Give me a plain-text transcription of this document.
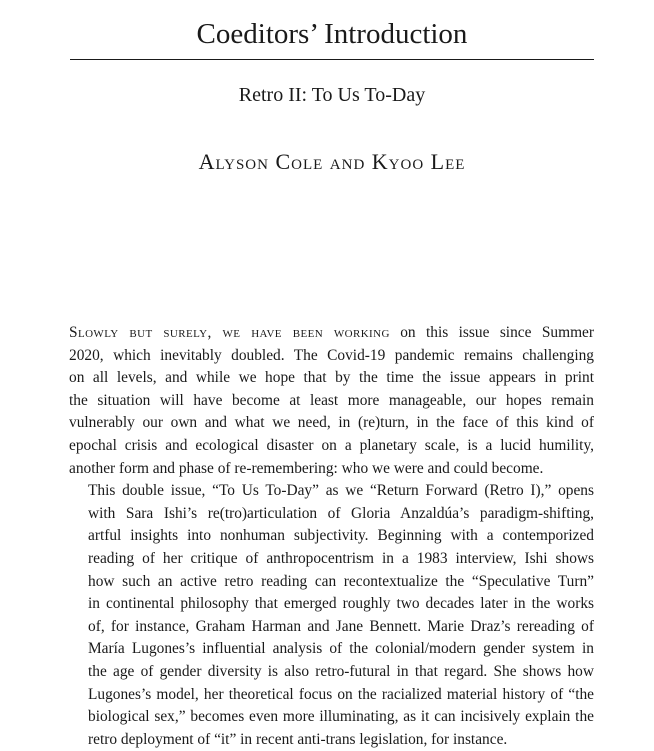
Coeditors’ Introduction
Retro II: To Us To-Day
Alyson Cole and Kyoo Lee

Slowly but surely, we have been working on this issue since Summer
2020, which inevitably doubled. The Covid-19 pandemic remains challenging
on all levels, and while we hope that by the time the issue appears in print
the situation will have become at least more manageable, our hopes remain
vulnerably our own and what we need, in (re)turn, in the face of this kind of
epochal crisis and ecological disaster on a planetary scale, is a lucid humility,
another form and phase of re-remembering: who we were and could become.

This double issue, “To Us To-Day” as we “Return Forward (Retro I),” opens
with Sara Ishi’s re(tro)articulation of Gloria Anzaldúa’s paradigm-shifting,
artful insights into nonhuman subjectivity. Beginning with a contemporized
reading of her critique of anthropocentrism in a 1983 interview, Ishi shows
how such an active retro reading can recontextualize the “Speculative Turn”
in continental philosophy that emerged roughly two decades later in the works
of, for instance, Graham Harman and Jane Bennett. Marie Draz’s rereading of
María Lugones’s influential analysis of the colonial/modern gender system in
the age of gender diversity is also retro-futural in that regard. She shows how
Lugones’s model, her theoretical focus on the racialized material history of “the
biological sex,” becomes even more illuminating, as it can incisively explain the
retro deployment of “it” in recent anti-trans legislation, for instance.
